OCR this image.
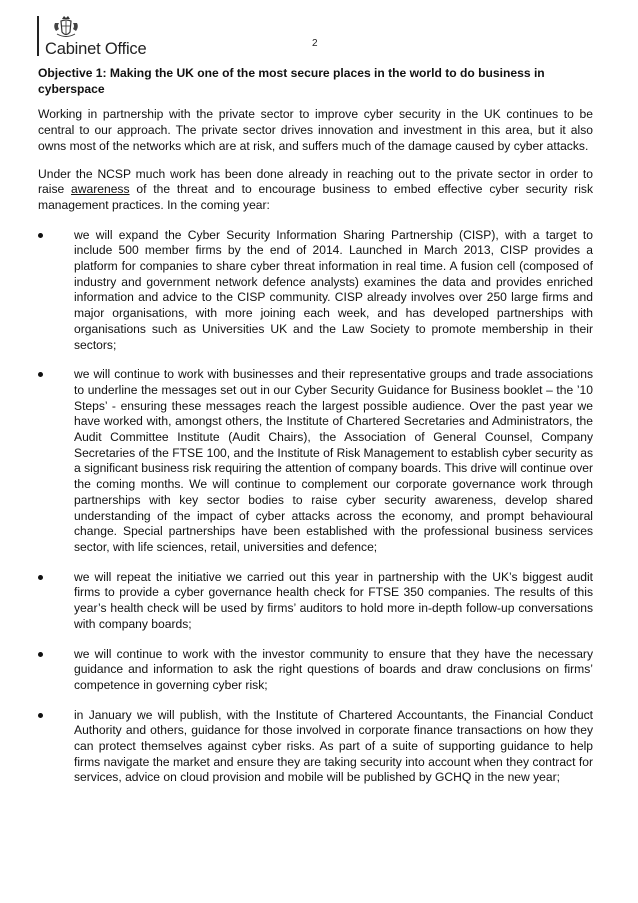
Cabinet Office	2

Objective 1: Making the UK one of the most secure places in the world to do business in cyberspace

Working in partnership with the private sector to improve cyber security in the UK continues to be central to our approach. The private sector drives innovation and investment in this area, but it also owns most of the networks which are at risk, and suffers much of the damage caused by cyber attacks.

Under the NCSP much work has been done already in reaching out to the private sector in order to raise awareness of the threat and to encourage business to embed effective cyber security risk management practices. In the coming year:

we will expand the Cyber Security Information Sharing Partnership (CISP), with a target to include 500 member firms by the end of 2014. Launched in March 2013, CISP provides a platform for companies to share cyber threat information in real time. A fusion cell (composed of industry and government network defence analysts) examines the data and provides enriched information and advice to the CISP community. CISP already involves over 250 large firms and major organisations, with more joining each week, and has developed partnerships with organisations such as Universities UK and the Law Society to promote membership in their sectors;
we will continue to work with businesses and their representative groups and trade associations to underline the messages set out in our Cyber Security Guidance for Business booklet – the ’10 Steps’ - ensuring these messages reach the largest possible audience. Over the past year we have worked with, amongst others, the Institute of Chartered Secretaries and Administrators, the Audit Committee Institute (Audit Chairs), the Association of General Counsel, Company Secretaries of the FTSE 100, and the Institute of Risk Management to establish cyber security as a significant business risk requiring the attention of company boards. This drive will continue over the coming months. We will continue to complement our corporate governance work through partnerships with key sector bodies to raise cyber security awareness, develop shared understanding of the impact of cyber attacks across the economy, and prompt behavioural change. Special partnerships have been established with the professional business services sector, with life sciences, retail, universities and defence;
we will repeat the initiative we carried out this year in partnership with the UK’s biggest audit firms to provide a cyber governance health check for FTSE 350 companies. The results of this year’s health check will be used by firms’ auditors to hold more in-depth follow-up conversations with company boards;
we will continue to work with the investor community to ensure that they have the necessary guidance and information to ask the right questions of boards and draw conclusions on firms’ competence in governing cyber risk;
in January we will publish, with the Institute of Chartered Accountants, the Financial Conduct Authority and others, guidance for those involved in corporate finance transactions on how they can protect themselves against cyber risks. As part of a suite of supporting guidance to help firms navigate the market and ensure they are taking security into account when they contract for services, advice on cloud provision and mobile will be published by GCHQ in the new year;
